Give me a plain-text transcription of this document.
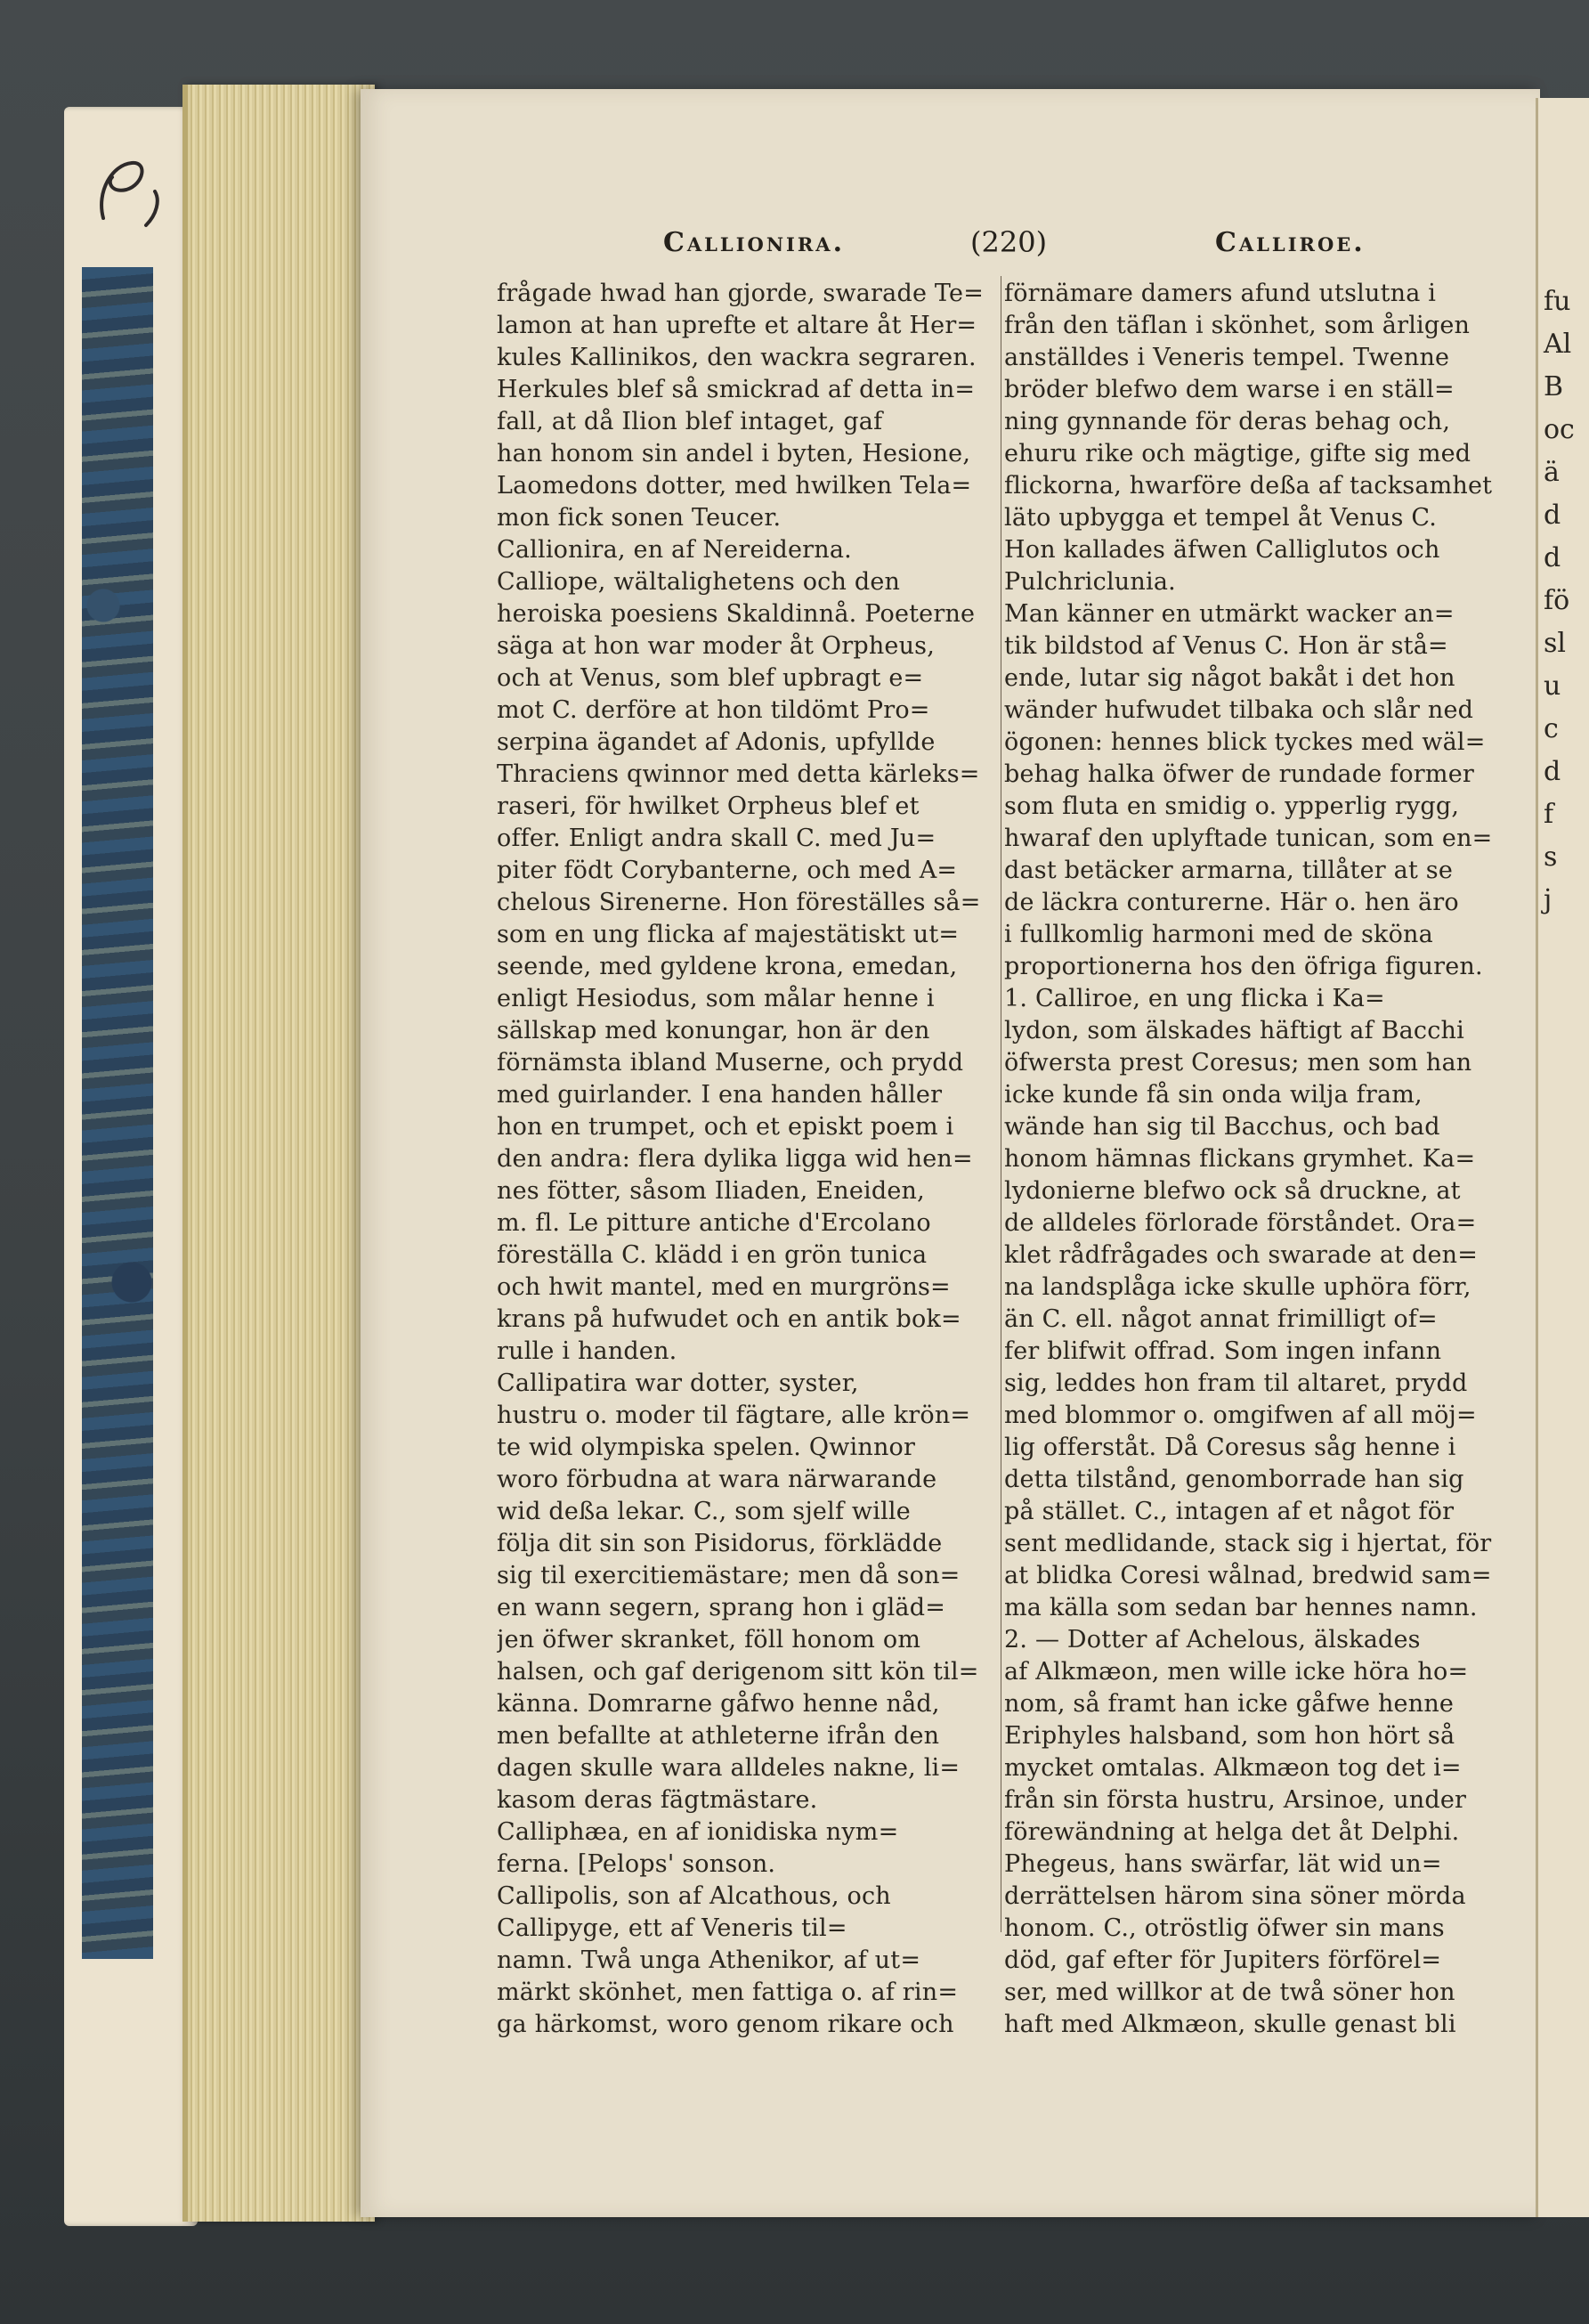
fu
Al
B
oc
ä
d
d
fö
sl
u
c
d
f
s
j
Callionira.	(220)	Calliroe.
frågade hwad han gjorde, swarade Te=
lamon at han uprefte et altare åt Her=
kules Kallinikos, den wackra segraren.
Herkules blef så smickrad af detta in=
fall, at då Ilion blef intaget, gaf
han honom sin andel i byten, Hesione,
Laomedons dotter, med hwilken Tela=
mon fick sonen Teucer.
Callionira, en af Nereiderna.
Calliope, wältalighetens och den
heroiska poesiens Skaldinnå. Poeterne
säga at hon war moder åt Orpheus,
och at Venus, som blef upbragt e=
mot C. derföre at hon tildömt Pro=
serpina ägandet af Adonis, upfyllde
Thraciens qwinnor med detta kärleks=
raseri, för hwilket Orpheus blef et
offer. Enligt andra skall C. med Ju=
piter födt Corybanterne, och med A=
chelous Sirenerne. Hon föreställes så=
som en ung flicka af majestätiskt ut=
seende, med gyldene krona, emedan,
enligt Hesiodus, som målar henne i
sällskap med konungar, hon är den
förnämsta ibland Muserne, och prydd
med guirlander. I ena handen håller
hon en trumpet, och et episkt poem i
den andra: flera dylika ligga wid hen=
nes fötter, såsom Iliaden, Eneiden,
m. fl. Le pitture antiche d'Ercolano
föreställa C. klädd i en grön tunica
och hwit mantel, med en murgröns=
krans på hufwudet och en antik bok=
rulle i handen.
Callipatira war dotter, syster,
hustru o. moder til fägtare, alle krön=
te wid olympiska spelen. Qwinnor
woro förbudna at wara närwarande
wid deßa lekar. C., som sjelf wille
följa dit sin son Pisidorus, förklädde
sig til exercitiemästare; men då son=
en wann segern, sprang hon i gläd=
jen öfwer skranket, föll honom om
halsen, och gaf derigenom sitt kön til=
känna. Domrarne gåfwo henne nåd,
men befallte at athleterne ifrån den
dagen skulle wara alldeles nakne, li=
kasom deras fägtmästare.
Calliphæa, en af ionidiska nym=
ferna. [Pelops' sonson.
Callipolis, son af Alcathous, och
Callipyge, ett af Veneris til=
namn. Twå unga Athenikor, af ut=
märkt skönhet, men fattiga o. af rin=
ga härkomst, woro genom rikare och
förnämare damers afund utslutna i
från den täflan i skönhet, som årligen
anställdes i Veneris tempel. Twenne
bröder blefwo dem warse i en ställ=
ning gynnande för deras behag och,
ehuru rike och mägtige, gifte sig med
flickorna, hwarföre deßa af tacksamhet
läto upbygga et tempel åt Venus C.
Hon kallades äfwen Calliglutos och
Pulchriclunia.
Man känner en utmärkt wacker an=
tik bildstod af Venus C. Hon är stå=
ende, lutar sig något bakåt i det hon
wänder hufwudet tilbaka och slår ned
ögonen: hennes blick tyckes med wäl=
behag halka öfwer de rundade former
som fluta en smidig o. ypperlig rygg,
hwaraf den uplyftade tunican, som en=
dast betäcker armarna, tillåter at se
de läckra conturerne. Här o. hen äro
i fullkomlig harmoni med de sköna
proportionerna hos den öfriga figuren.
1. Calliroe, en ung flicka i Ka=
lydon, som älskades häftigt af Bacchi
öfwersta prest Coresus; men som han
icke kunde få sin onda wilja fram,
wände han sig til Bacchus, och bad
honom hämnas flickans grymhet. Ka=
lydonierne blefwo ock så druckne, at
de alldeles förlorade förståndet. Ora=
klet rådfrågades och swarade at den=
na landsplåga icke skulle uphöra förr,
än C. ell. något annat frimilligt of=
fer blifwit offrad. Som ingen infann
sig, leddes hon fram til altaret, prydd
med blommor o. omgifwen af all möj=
lig offerståt. Då Coresus såg henne i
detta tilstånd, genomborrade han sig
på stället. C., intagen af et något för
sent medlidande, stack sig i hjertat, för
at blidka Coresi wålnad, bredwid sam=
ma källa som sedan bar hennes namn.
2. — Dotter af Achelous, älskades
af Alkmæon, men wille icke höra ho=
nom, så framt han icke gåfwe henne
Eriphyles halsband, som hon hört så
mycket omtalas. Alkmæon tog det i=
från sin första hustru, Arsinoe, under
förewändning at helga det åt Delphi.
Phegeus, hans swärfar, lät wid un=
derrättelsen härom sina söner mörda
honom. C., otröstlig öfwer sin mans
död, gaf efter för Jupiters förförel=
ser, med willkor at de twå söner hon
haft med Alkmæon, skulle genast bli
